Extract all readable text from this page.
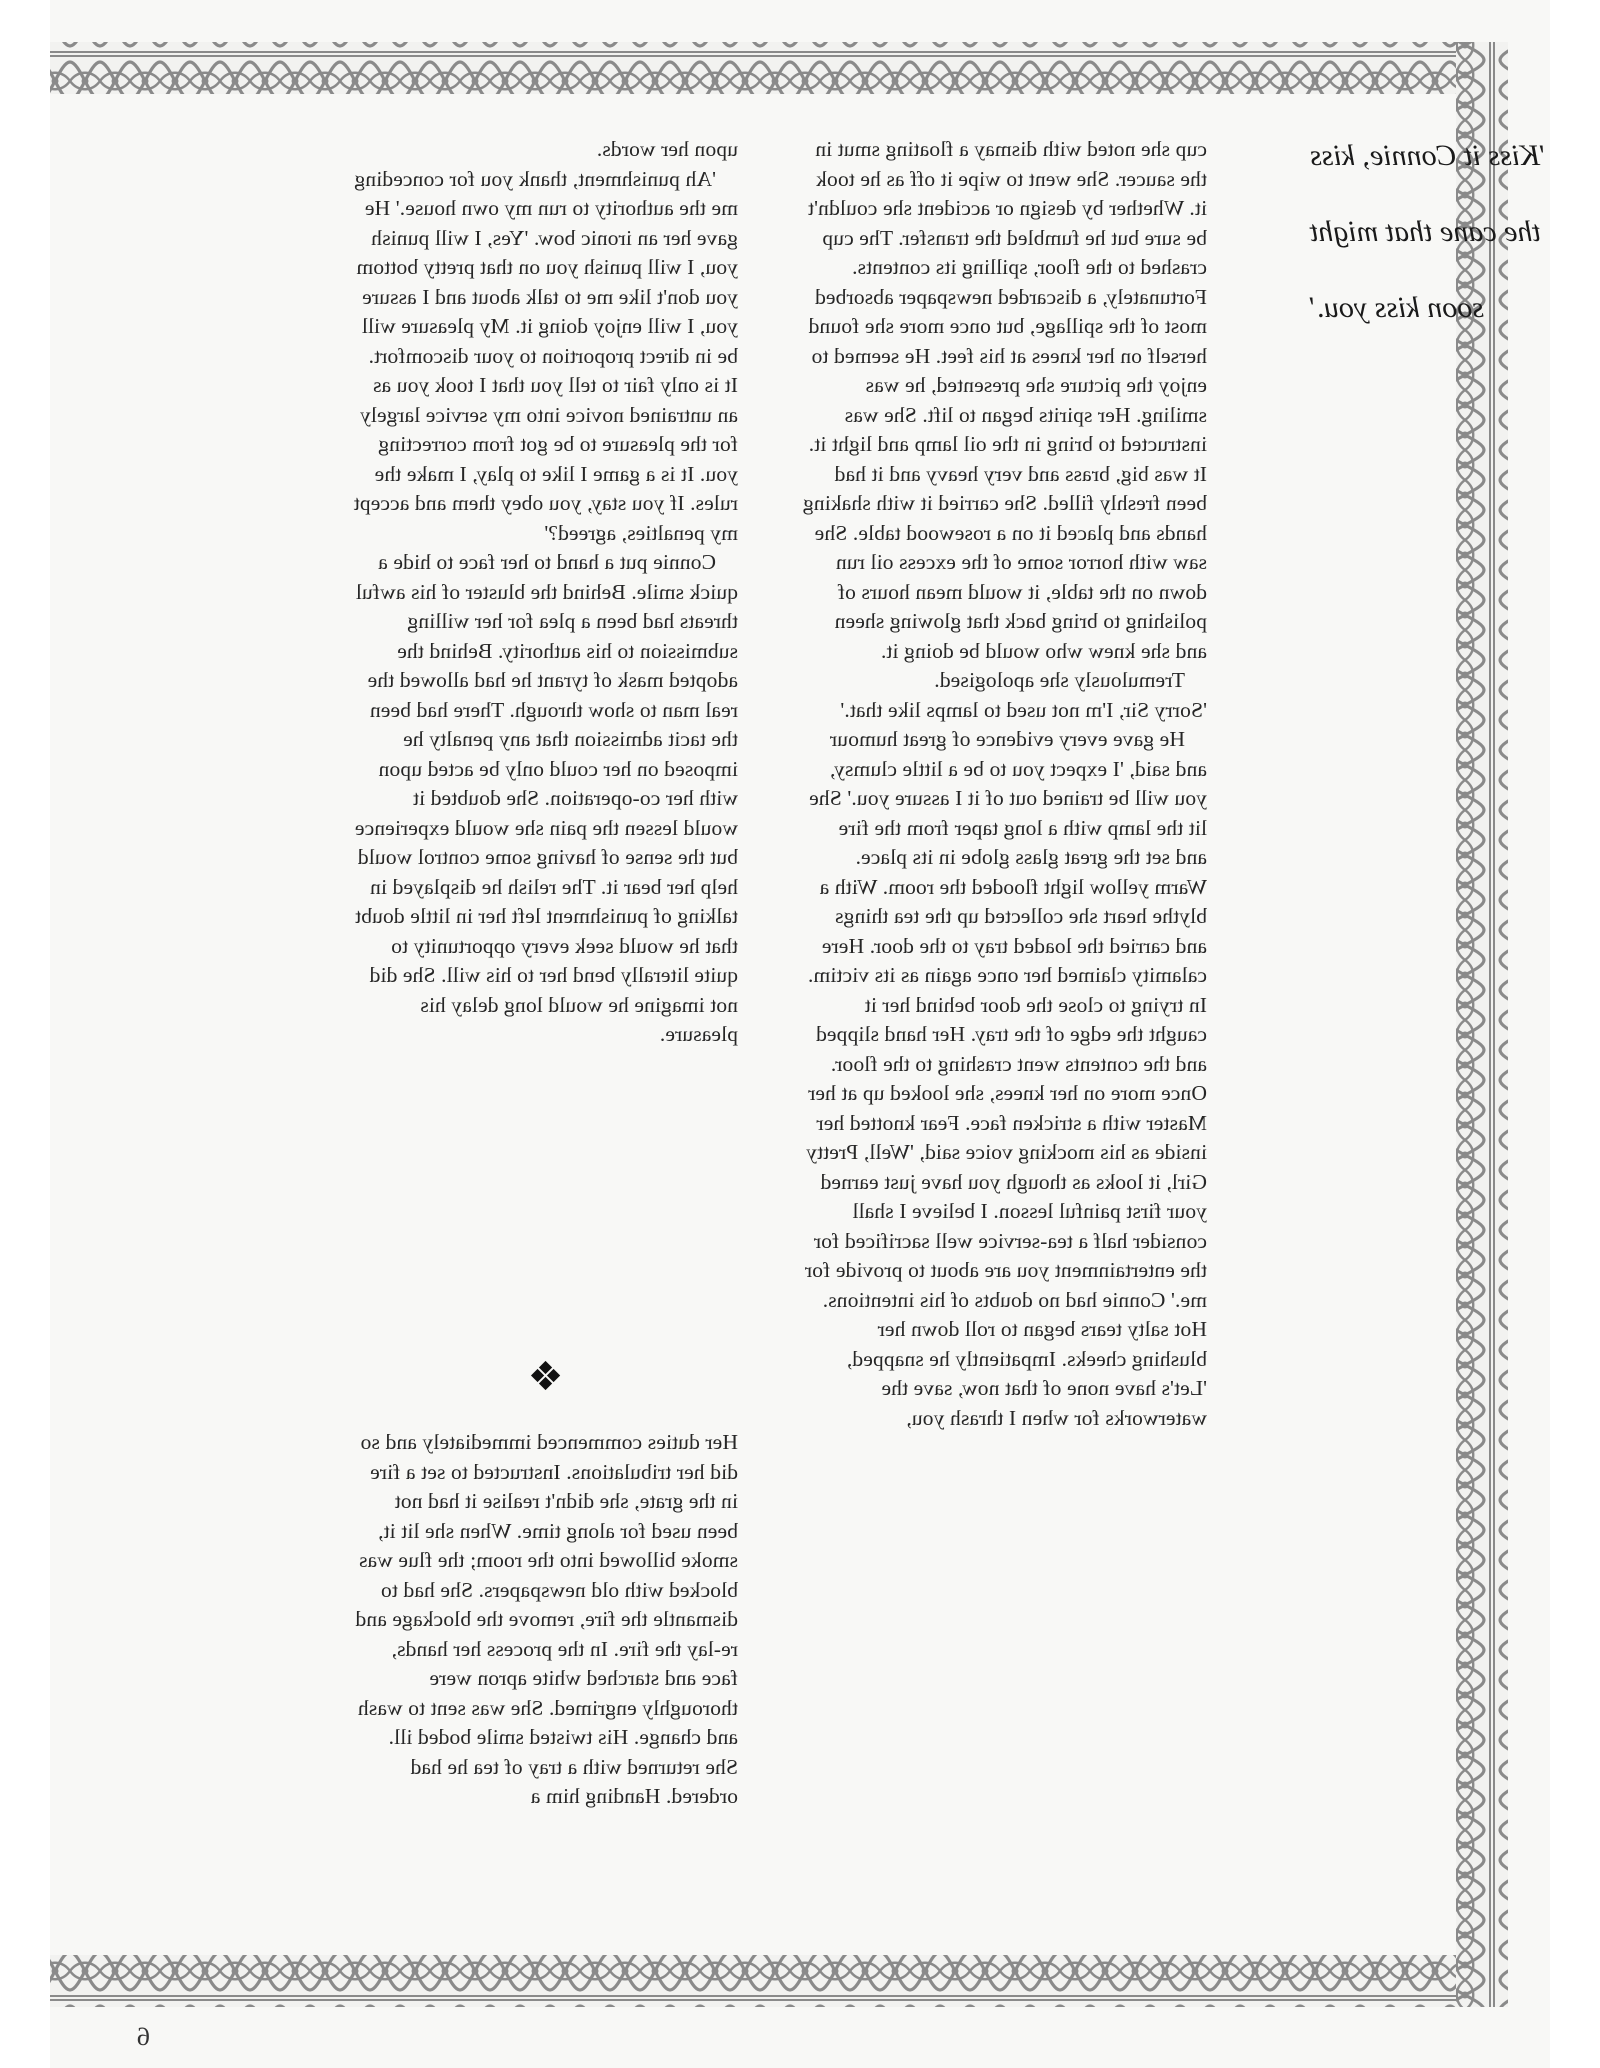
6
'Kiss it Connie, kiss the cane that might soon kiss you.'

cup she noted with dismay a floating smut in the saucer. She went to wipe it off as he took it. Whether by design or accident she couldn't be sure but he fumbled the transfer. The cup crashed to the floor, spilling its contents. Fortunately, a discarded newspaper absorbed most of the spillage, but once more she found herself on her knees at his feet. He seemed to enjoy the picture she presented, he was smiling. Her spirits began to lift. She was instructed to bring in the oil lamp and light it. It was big, brass and very heavy and it had been freshly filled. She carried it with shaking hands and placed it on a rosewood table. She saw with horror some of the excess oil run down on the table, it would mean hours of polishing to bring back that glowing sheen and she knew who would be doing it.

Tremulously she apologised.

'Sorry Sir, I'm not used to lamps like that.'

He gave every evidence of great humour and said, 'I expect you to be a little clumsy, you will be trained out of it I assure you.' She lit the lamp with a long taper from the fire and set the great glass globe in its place. Warm yellow light flooded the room. With a blythe heart she collected up the tea things and carried the loaded tray to the door. Here calamity claimed her once again as its victim. In trying to close the door behind her it caught the edge of the tray. Her hand slipped and the contents went crashing to the floor. Once more on her knees, she looked up at her Master with a stricken face. Fear knotted her inside as his mocking voice said, 'Well, Pretty Girl, it looks as though you have just earned your first painful lesson. I believe I shall consider half a tea-service well sacrificed for the entertainment you are about to provide for me.' Connie had no doubts of his intentions. Hot salty tears began to roll down her blushing cheeks. Impatiently he snapped, 'Let's have none of that now, save the waterworks for when I thrash you,

upon her words.

'Ah punishment, thank you for conceding me the authority to run my own house.' He gave her an ironic bow. 'Yes, I will punish you, I will punish you on that pretty bottom you don't like me to talk about and I assure you, I will enjoy doing it. My pleasure will be in direct proportion to your discomfort. It is only fair to tell you that I took you as an untrained novice into my service largely for the pleasure to be got from correcting you. It is a game I like to play, I make the rules. If you stay, you obey them and accept my penalties, agreed?'

Connie put a hand to her face to hide a quick smile. Behind the bluster of his awful threats had been a plea for her willing submission to his authority. Behind the adopted mask of tyrant he had allowed the real man to show through. There had been the tacit admission that any penalty he imposed on her could only be acted upon with her co-operation. She doubted it would lessen the pain she would experience but the sense of having some control would help her bear it. The relish he displayed in talking of punishment left her in little doubt that he would seek every opportunity to quite literally bend her to his will. She did not imagine he would long delay his pleasure.

❖

Her duties commenced immediately and so did her tribulations. Instructed to set a fire in the grate, she didn't realise it had not been used for along time. When she lit it, smoke billowed into the room; the flue was blocked with old newspapers. She had to dismantle the fire, remove the blockage and re-lay the fire. In the process her hands, face and starched white apron were thoroughly engrimed. She was sent to wash and change. His twisted smile boded ill. She returned with a tray of tea he had ordered. Handing him a
